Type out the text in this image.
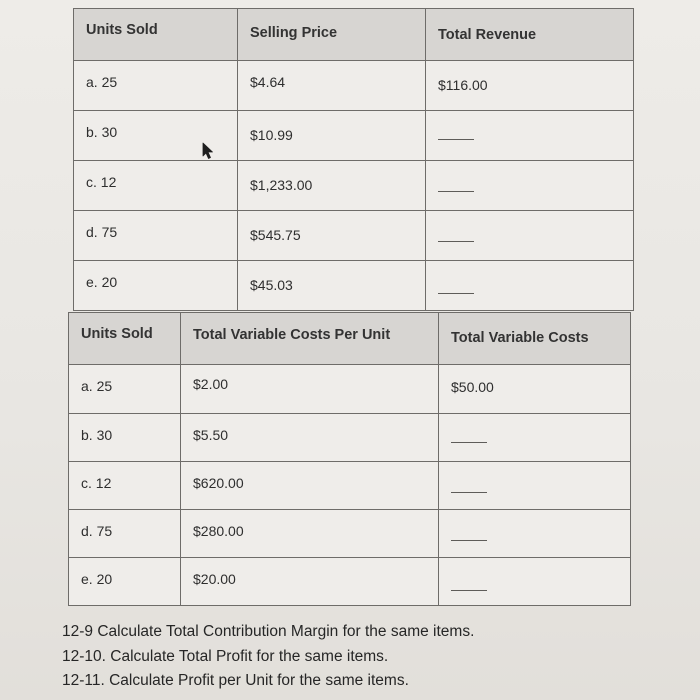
Units Sold	Selling Price	Total Revenue
a. 25	$4.64	$116.00
b. 30	$10.99	
c. 12	$1,233.00	
d. 75	$545.75	
e. 20	$45.03	
Units Sold	Total Variable Costs Per Unit	Total Variable Costs
a. 25	$2.00	$50.00
b. 30	$5.50	
c. 12	$620.00	
d. 75	$280.00	
e. 20	$20.00	
12-9 Calculate Total Contribution Margin for the same items.
12-10. Calculate Total Profit for the same items.
12-11. Calculate Profit per Unit for the same items.
